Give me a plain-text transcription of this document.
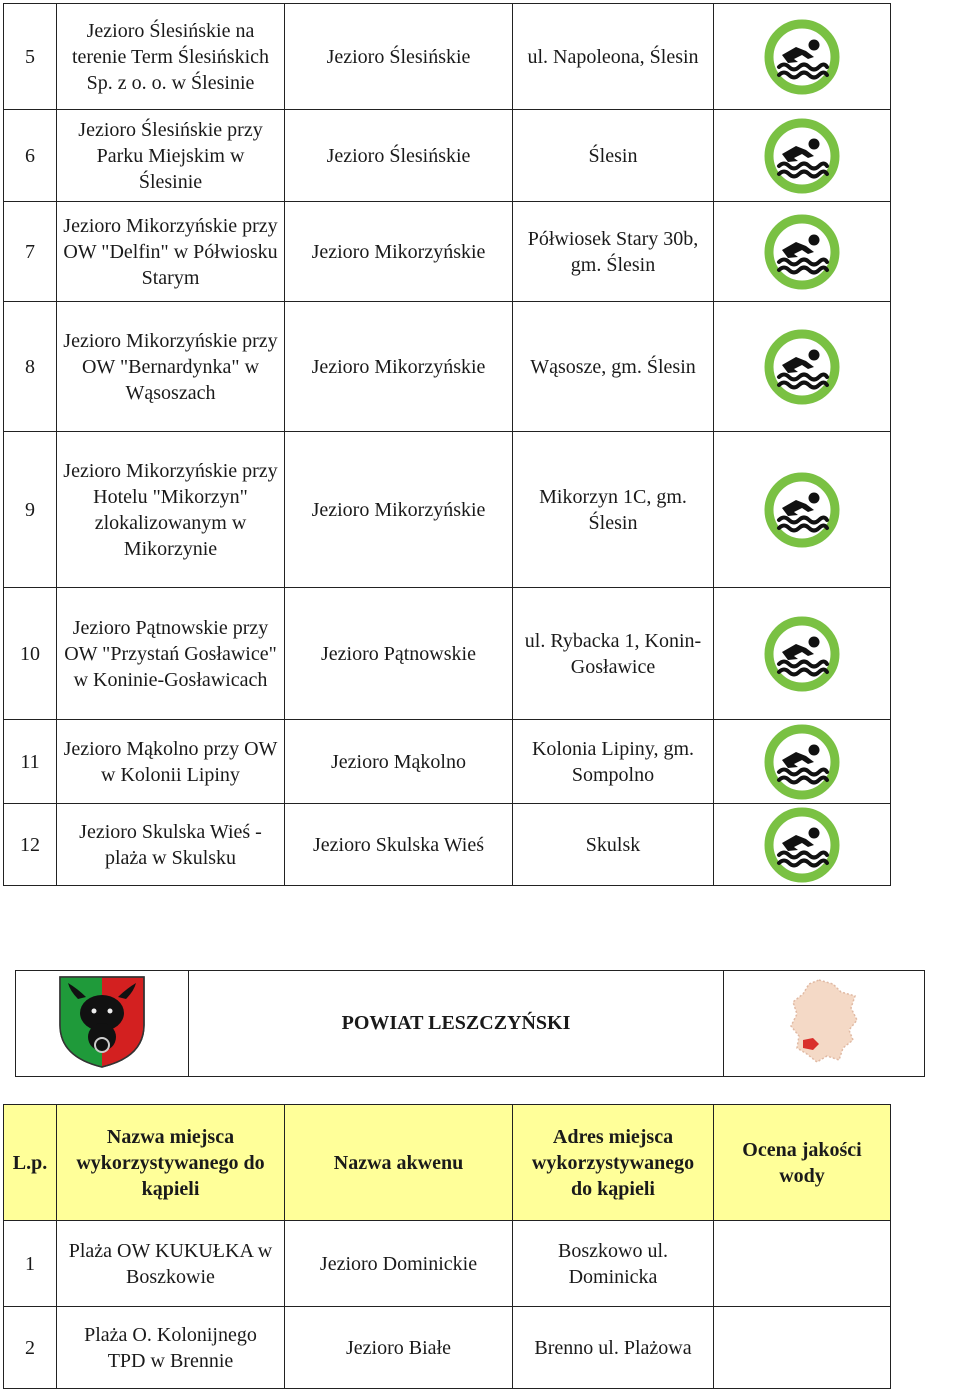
5	Jezioro Ślesińskie na terenie Term Ślesińskich Sp. z o. o. w Ślesinie	Jezioro Ślesińskie	ul. Napoleona, Ślesin	

6	Jezioro Ślesińskie przy Parku Miejskim w Ślesinie	Jezioro Ślesińskie	Ślesin	

7	Jezioro Mikorzyńskie przy OW "Delfin" w Półwiosku Starym	Jezioro Mikorzyńskie	Półwiosek Stary 30b, gm. Ślesin	

8	Jezioro Mikorzyńskie przy OW "Bernardynka" w Wąsoszach	Jezioro Mikorzyńskie	Wąsosze, gm. Ślesin	

9	Jezioro Mikorzyńskie przy Hotelu "Mikorzyn" zlokalizowanym w Mikorzynie	Jezioro Mikorzyńskie	Mikorzyn 1C, gm. Ślesin	

10	Jezioro Pątnowskie przy OW "Przystań Gosławice" w Koninie-Gosławicach	Jezioro Pątnowskie	ul. Rybacka 1, Konin-Gosławice	

11	Jezioro Mąkolno przy OW w Kolonii Lipiny	Jezioro Mąkolno	Kolonia Lipiny, gm. Sompolno	

12	Jezioro Skulska Wieś - plaża w Skulsku	Jezioro Skulska Wieś	Skulsk	
	POWIAT LESZCZYŃSKI	
L.p.	Nazwa miejsca wykorzystywanego do kąpieli	Nazwa akwenu	Adres miejsca wykorzystywanego do kąpieli	Ocena jakości wody
1	Plaża OW KUKUŁKA w Boszkowie	Jezioro Dominickie	Boszkowo ul. Dominicka	
2	Plaża O. Kolonijnego TPD w Brennie	Jezioro Białe	Brenno ul. Plażowa	
